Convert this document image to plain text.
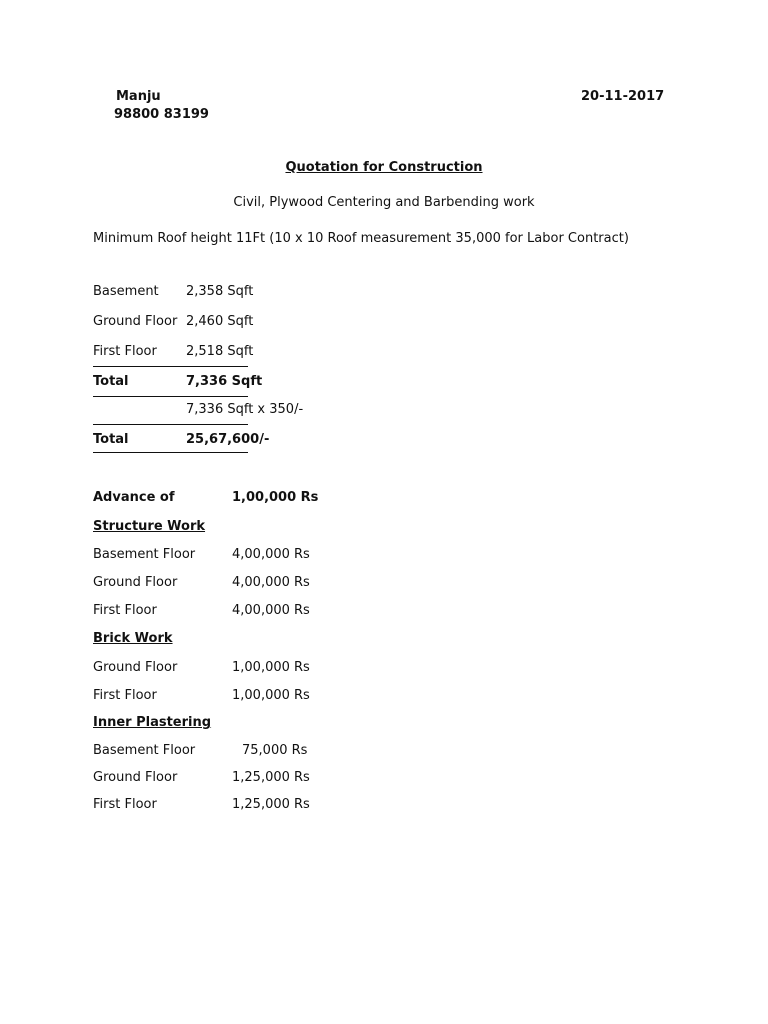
Manju
98800 83199
20-11-2017
Quotation for Construction
Civil, Plywood Centering and Barbending work
Minimum Roof height 11Ft (10 x 10 Roof measurement 35,000 for Labor Contract)
Basement 2,358 Sqft
Ground Floor 2,460 Sqft
First Floor 2,518 Sqft
Total	7,336 Sqft
7,336 Sqft x 350/-
Total	25,67,600/-
Advance of	1,00,000 Rs
Structure Work
Basement Floor	4,00,000 Rs
Ground Floor	4,00,000 Rs
First Floor	4,00,000 Rs
Brick Work
Ground Floor	1,00,000 Rs
First Floor	1,00,000 Rs
Inner Plastering
Basement Floor	75,000 Rs
Ground Floor	1,25,000 Rs
First Floor	1,25,000 Rs
